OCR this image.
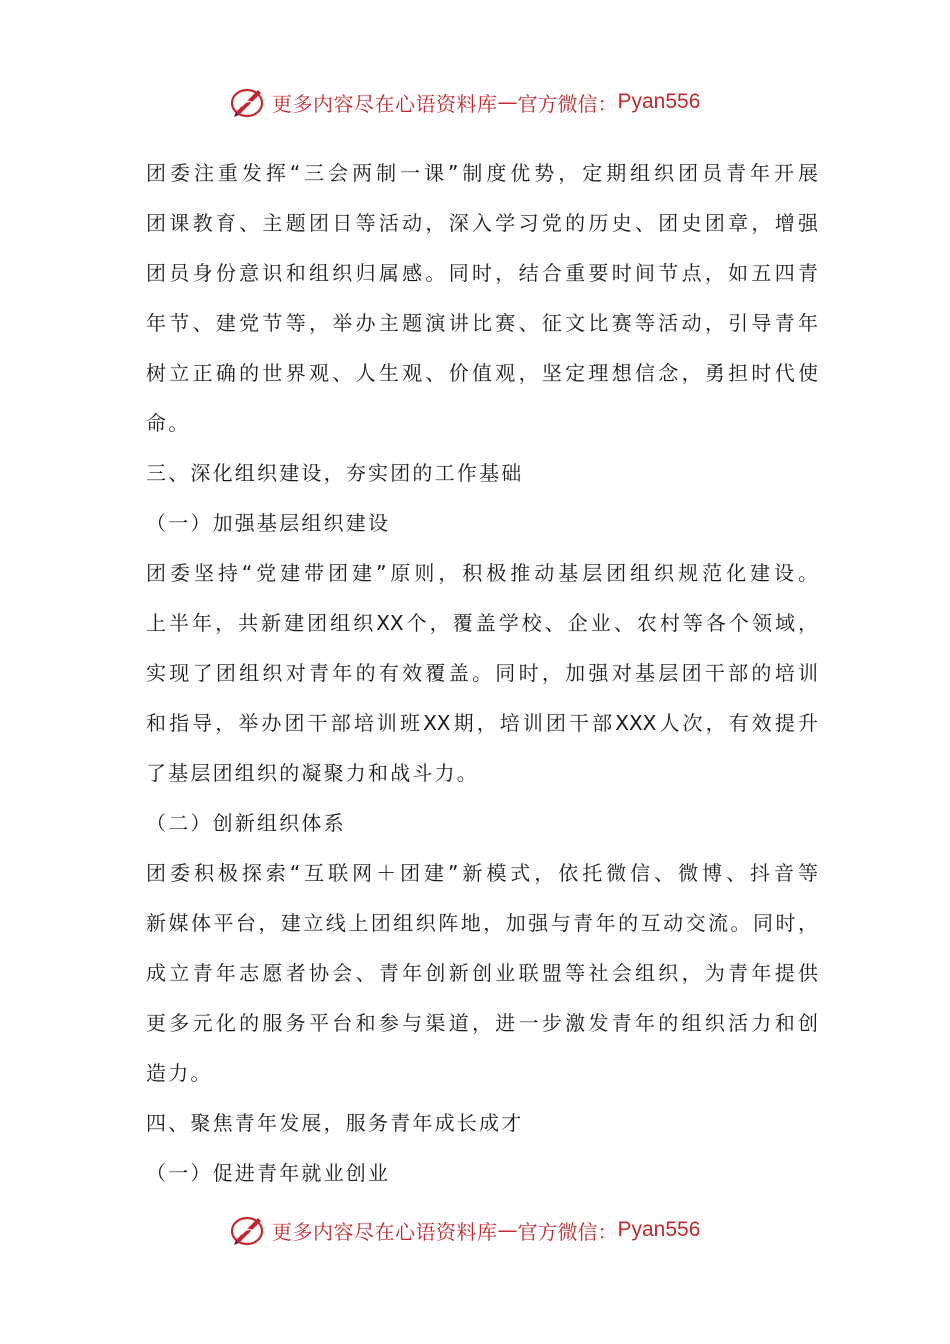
更多内容尽在心语资料库 — 官方微信： Pyan556
团委注重发挥“三会两制一课”制度优势，定期组织团员青年开展
团课教育、主题团日等活动，深入学习党的历史、团史团章，增强
团员身份意识和组织归属感。同时，结合重要时间节点，如五四青
年节、建党节等，举办主题演讲比赛、征文比赛等活动，引导青年
树立正确的世界观、人生观、价值观，坚定理想信念，勇担时代使
命。
三、深化组织建设，夯实团的工作基础
（一）加强基层组织建设
团委坚持“党建带团建”原则，积极推动基层团组织规范化建设。
上半年，共新建团组织XX个，覆盖学校、企业、农村等各个领域，
实现了团组织对青年的有效覆盖。同时，加强对基层团干部的培训
和指导，举办团干部培训班XX期，培训团干部XXX人次，有效提升
了基层团组织的凝聚力和战斗力。
（二）创新组织体系
团委积极探索“互联网＋团建”新模式，依托微信、微博、抖音等
新媒体平台，建立线上团组织阵地，加强与青年的互动交流。同时，
成立青年志愿者协会、青年创新创业联盟等社会组织，为青年提供
更多元化的服务平台和参与渠道，进一步激发青年的组织活力和创
造力。
四、聚焦青年发展，服务青年成长成才
（一）促进青年就业创业
更多内容尽在心语资料库 — 官方微信： Pyan556
